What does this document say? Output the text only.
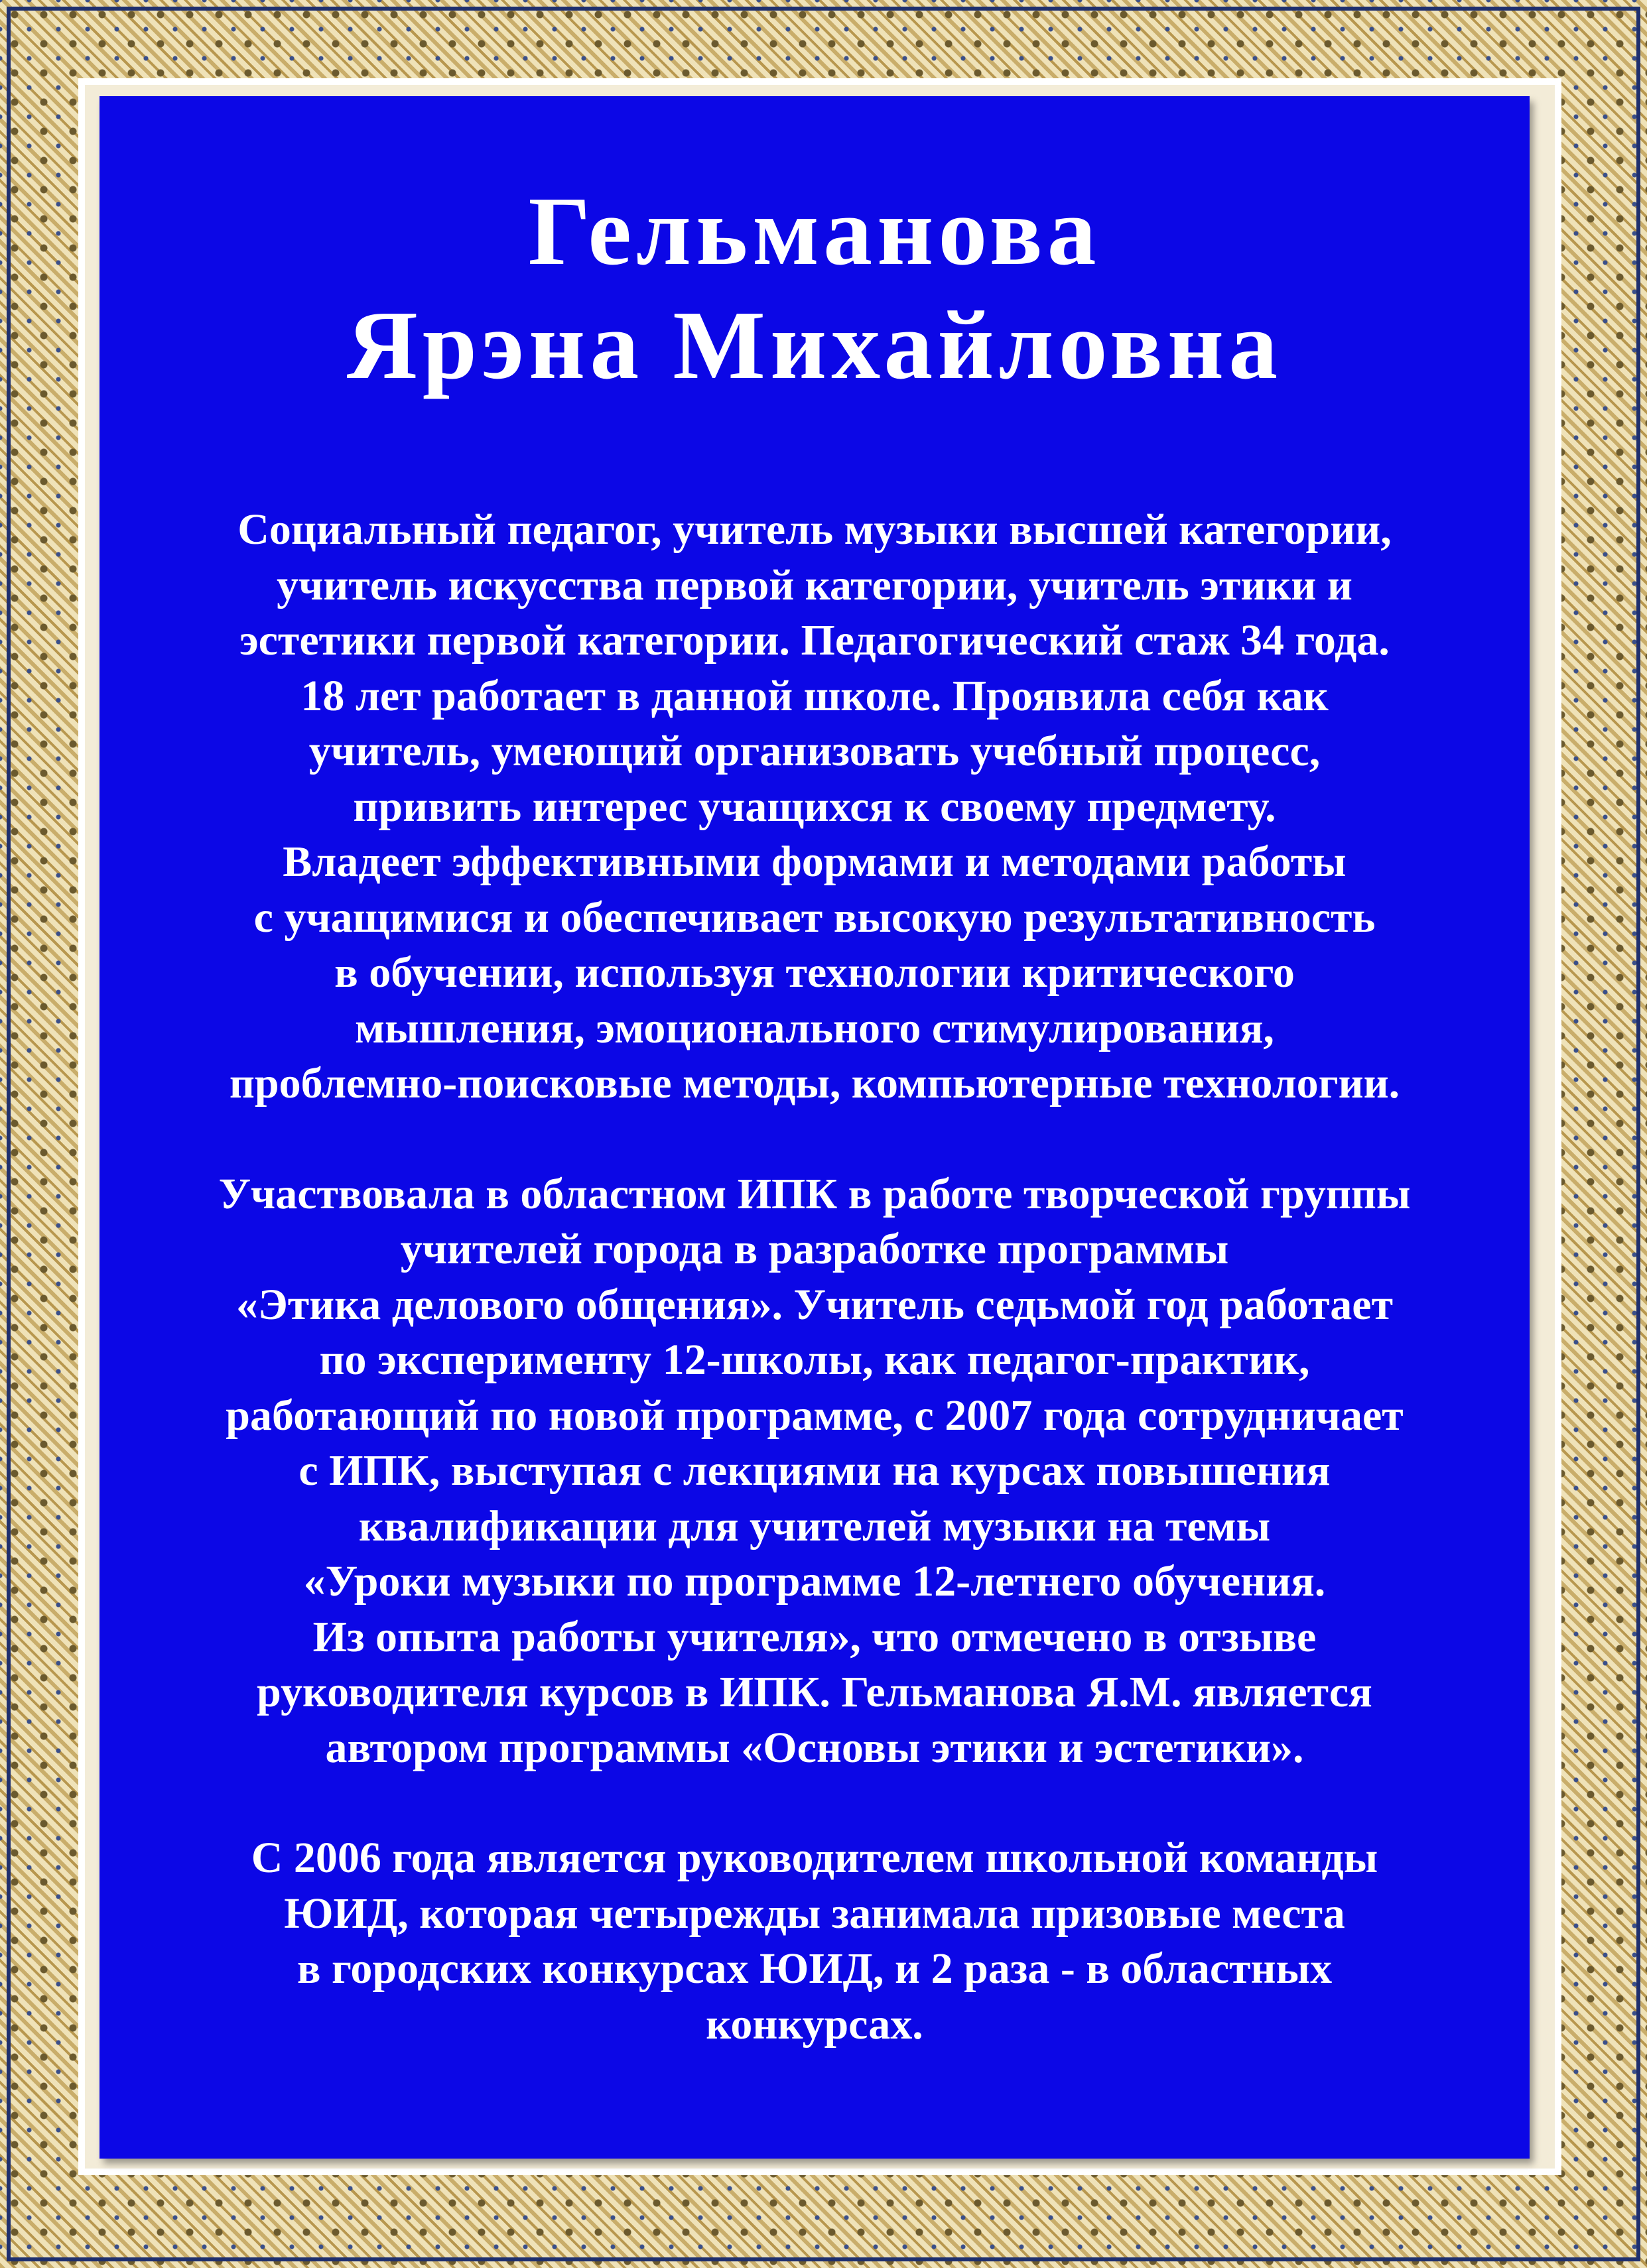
Гельманова
Ярэна Михайловна

Социальный педагог, учитель музыки высшей категории,
учитель искусства первой категории, учитель этики и
эстетики первой категории. Педагогический стаж 34 года.
18 лет работает в данной школе. Проявила себя как
учитель, умеющий организовать учебный процесс,
привить интерес учащихся к своему предмету.
Владеет эффективными формами и методами работы
с учащимися и обеспечивает высокую результативность
в обучении, используя технологии критического
мышления, эмоционального стимулирования,
проблемно-поисковые методы, компьютерные технологии.

Участвовала в областном ИПК в работе творческой группы
учителей города в разработке программы
«Этика делового общения». Учитель седьмой год работает
по эксперименту 12-школы, как педагог-практик,
работающий по новой программе, с 2007 года сотрудничает
с ИПК, выступая с лекциями на курсах повышения
квалификации для учителей музыки на темы
«Уроки музыки по программе 12-летнего обучения.
Из опыта работы учителя», что отмечено в отзыве
руководителя курсов в ИПК. Гельманова Я.М. является
автором программы «Основы этики и эстетики».

С 2006 года является руководителем школьной команды
ЮИД, которая четырежды занимала призовые места
в городских конкурсах ЮИД, и 2 раза - в областных
конкурсах.
